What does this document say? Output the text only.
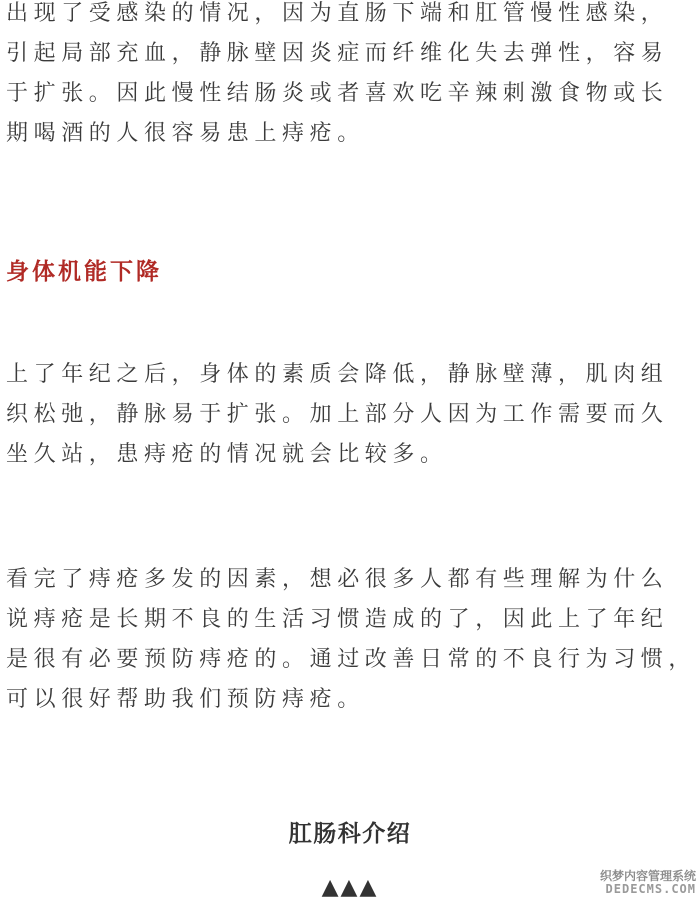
出现了受感染的情况，因为直肠下端和肛管慢性感染，
引起局部充血，静脉壁因炎症而纤维化失去弹性，容易
于扩张。因此慢性结肠炎或者喜欢吃辛辣刺激食物或长
期喝酒的人很容易患上痔疮。
身体机能下降
上了年纪之后，身体的素质会降低，静脉壁薄，肌肉组
织松弛，静脉易于扩张。加上部分人因为工作需要而久
坐久站，患痔疮的情况就会比较多。
看完了痔疮多发的因素，想必很多人都有些理解为什么
说痔疮是长期不良的生活习惯造成的了，因此上了年纪
是很有必要预防痔疮的。通过改善日常的不良行为习惯，
可以很好帮助我们预防痔疮。
肛肠科介绍
▲▲▲	织梦内容管理系统
DEDECMS.COM
